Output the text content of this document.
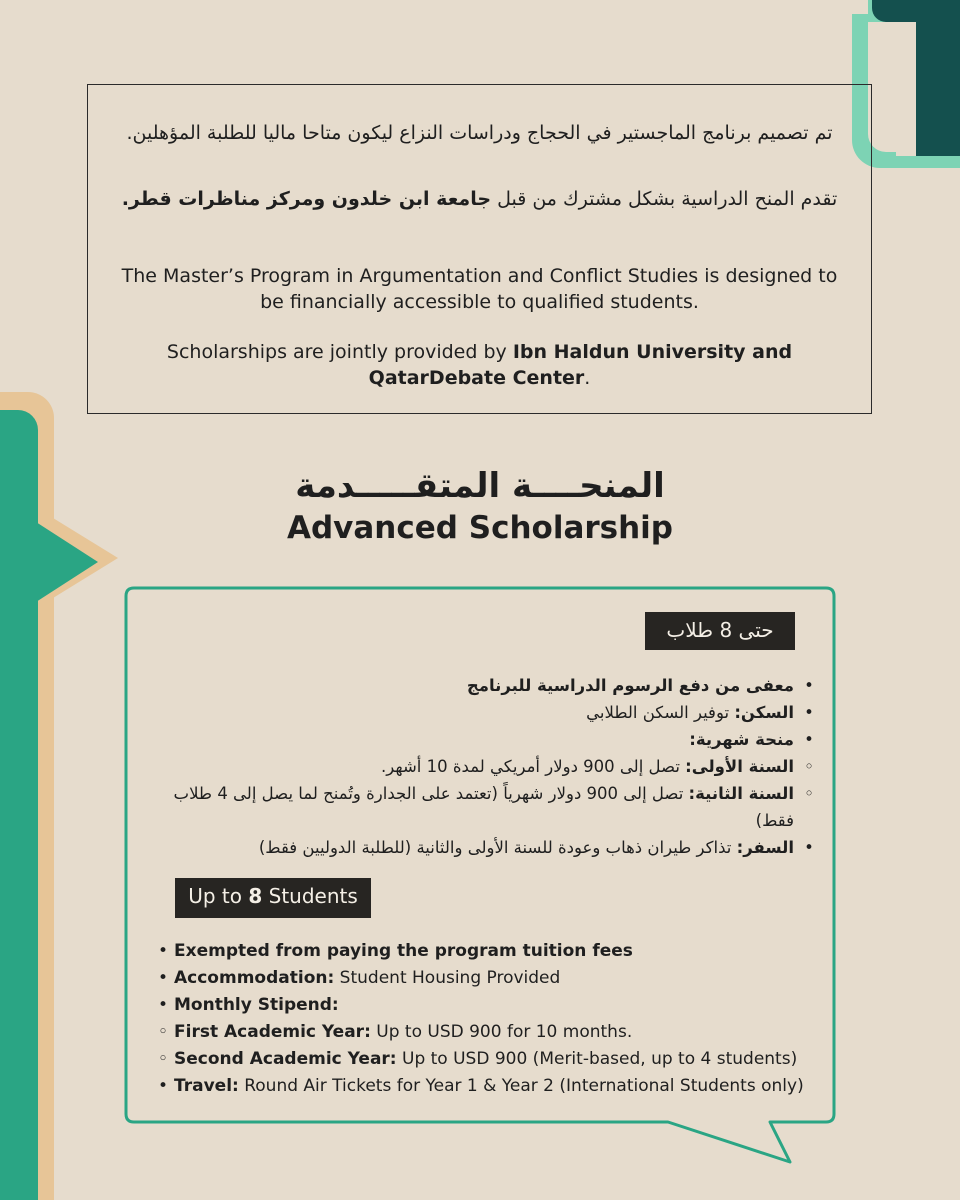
تم تصميم برنامج الماجستير في الحجاج ودراسات النزاع ليكون متاحا ماليا للطلبة المؤهلين.
تقدم المنح الدراسية بشكل مشترك من قبل جامعة ابن خلدون ومركز مناظرات قطر.
The Master’s Program in Argumentation and Conflict Studies is designed to be financially accessible to qualified students.
Scholarships are jointly provided by Ibn Haldun University and QatarDebate Center.
المنحــــة المتقـــــدمة
Advanced Scholarship
حتى 8 طلاب
•
معفى من دفع الرسوم الدراسية للبرنامج
•
السكن: توفير السكن الطلابي
•
منحة شهرية:
◦
السنة الأولى: تصل إلى 900 دولار أمريكي لمدة 10 أشهر.
◦
السنة الثانية: تصل إلى 900 دولار شهرياً (تعتمد على الجدارة وتُمنح لما يصل إلى 4 طلاب فقط)
•
السفر: تذاكر طيران ذهاب وعودة للسنة الأولى والثانية (للطلبة الدوليين فقط)
Up to 8 Students
• Exempted from paying the program tuition fees
• Accommodation: Student Housing Provided
• Monthly Stipend:
◦ First Academic Year: Up to USD 900 for 10 months.
◦ Second Academic Year: Up to USD 900 (Merit-based, up to 4 students)
• Travel: Round Air Tickets for Year 1 & Year 2 (International Students only)
